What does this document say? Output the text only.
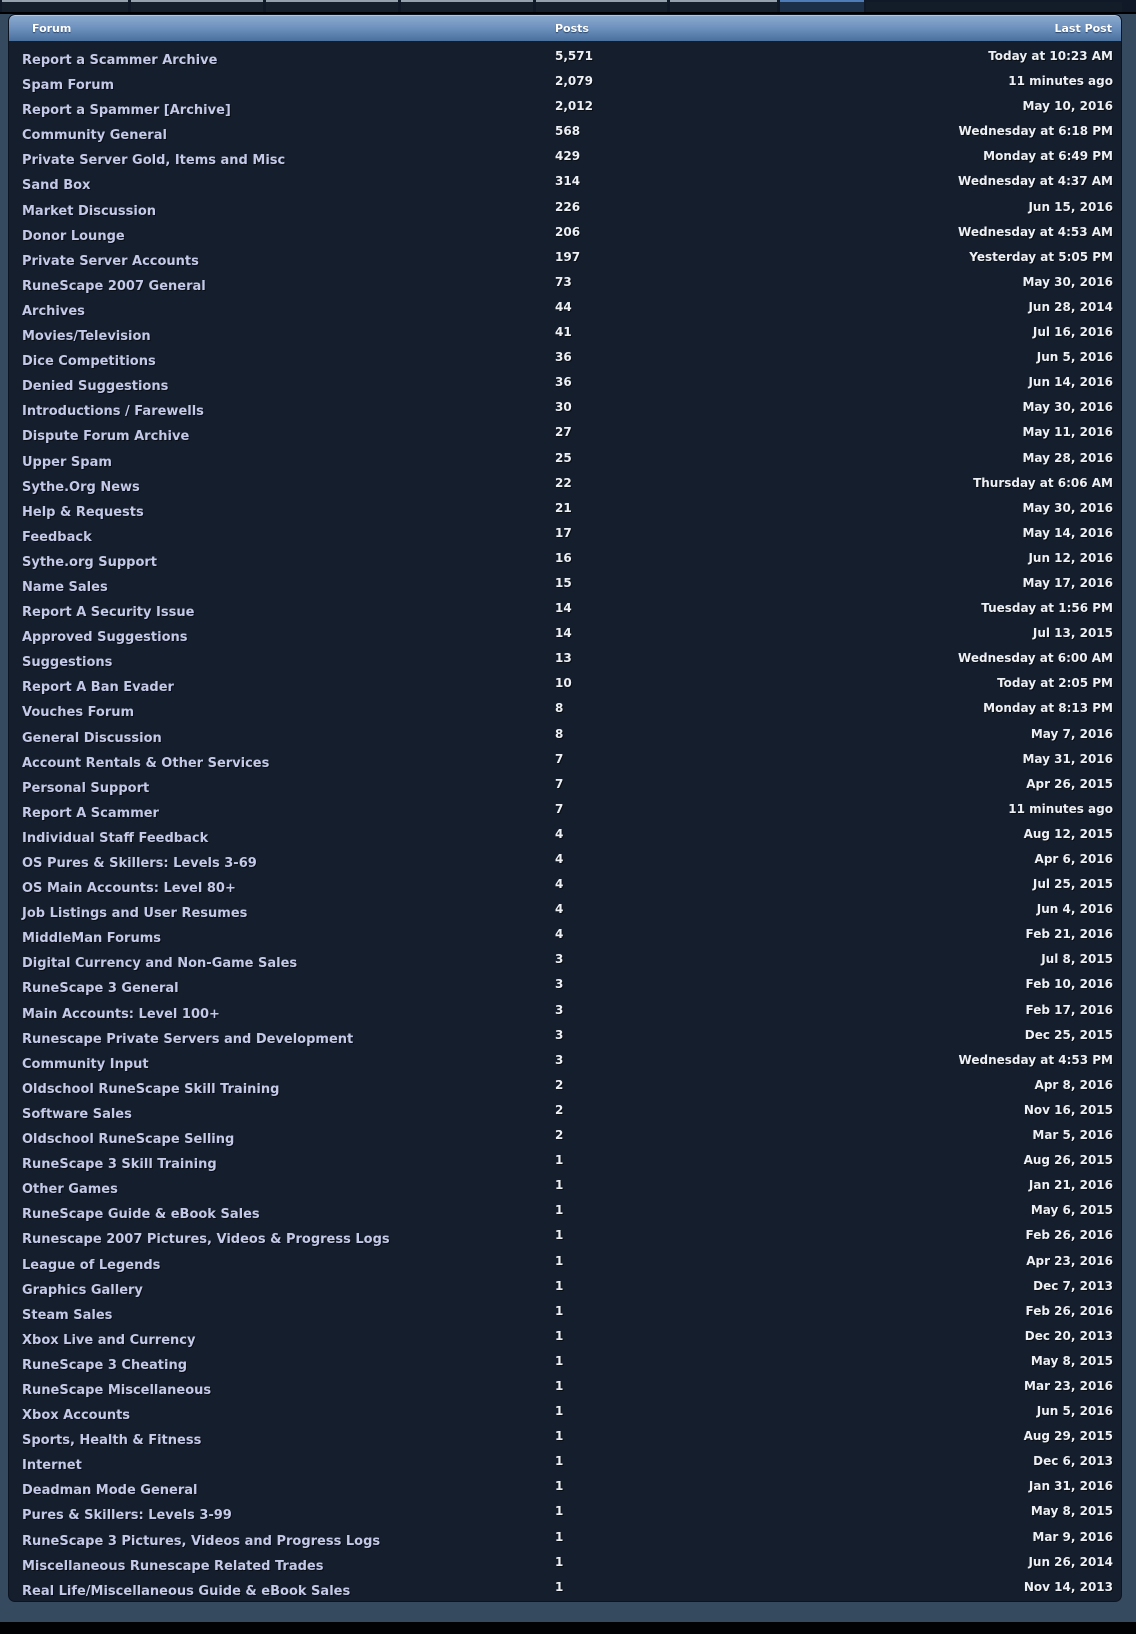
Forum	Posts	Last Post
Report a Scammer Archive	5,571	Today at 10:23 AM
Spam Forum	2,079	11 minutes ago
Report a Spammer [Archive]	2,012	May 10, 2016
Community General	568	Wednesday at 6:18 PM
Private Server Gold, Items and Misc	429	Monday at 6:49 PM
Sand Box	314	Wednesday at 4:37 AM
Market Discussion	226	Jun 15, 2016
Donor Lounge	206	Wednesday at 4:53 AM
Private Server Accounts	197	Yesterday at 5:05 PM
RuneScape 2007 General	73	May 30, 2016
Archives	44	Jun 28, 2014
Movies/Television	41	Jul 16, 2016
Dice Competitions	36	Jun 5, 2016
Denied Suggestions	36	Jun 14, 2016
Introductions / Farewells	30	May 30, 2016
Dispute Forum Archive	27	May 11, 2016
Upper Spam	25	May 28, 2016
Sythe.Org News	22	Thursday at 6:06 AM
Help & Requests	21	May 30, 2016
Feedback	17	May 14, 2016
Sythe.org Support	16	Jun 12, 2016
Name Sales	15	May 17, 2016
Report A Security Issue	14	Tuesday at 1:56 PM
Approved Suggestions	14	Jul 13, 2015
Suggestions	13	Wednesday at 6:00 AM
Report A Ban Evader	10	Today at 2:05 PM
Vouches Forum	8	Monday at 8:13 PM
General Discussion	8	May 7, 2016
Account Rentals & Other Services	7	May 31, 2016
Personal Support	7	Apr 26, 2015
Report A Scammer	7	11 minutes ago
Individual Staff Feedback	4	Aug 12, 2015
OS Pures & Skillers: Levels 3-69	4	Apr 6, 2016
OS Main Accounts: Level 80+	4	Jul 25, 2015
Job Listings and User Resumes	4	Jun 4, 2016
MiddleMan Forums	4	Feb 21, 2016
Digital Currency and Non-Game Sales	3	Jul 8, 2015
RuneScape 3 General	3	Feb 10, 2016
Main Accounts: Level 100+	3	Feb 17, 2016
Runescape Private Servers and Development	3	Dec 25, 2015
Community Input	3	Wednesday at 4:53 PM
Oldschool RuneScape Skill Training	2	Apr 8, 2016
Software Sales	2	Nov 16, 2015
Oldschool RuneScape Selling	2	Mar 5, 2016
RuneScape 3 Skill Training	1	Aug 26, 2015
Other Games	1	Jan 21, 2016
RuneScape Guide & eBook Sales	1	May 6, 2015
Runescape 2007 Pictures, Videos & Progress Logs	1	Feb 26, 2016
League of Legends	1	Apr 23, 2016
Graphics Gallery	1	Dec 7, 2013
Steam Sales	1	Feb 26, 2016
Xbox Live and Currency	1	Dec 20, 2013
RuneScape 3 Cheating	1	May 8, 2015
RuneScape Miscellaneous	1	Mar 23, 2016
Xbox Accounts	1	Jun 5, 2016
Sports, Health & Fitness	1	Aug 29, 2015
Internet	1	Dec 6, 2013
Deadman Mode General	1	Jan 31, 2016
Pures & Skillers: Levels 3-99	1	May 8, 2015
RuneScape 3 Pictures, Videos and Progress Logs	1	Mar 9, 2016
Miscellaneous Runescape Related Trades	1	Jun 26, 2014
Real Life/Miscellaneous Guide & eBook Sales	1	Nov 14, 2013
